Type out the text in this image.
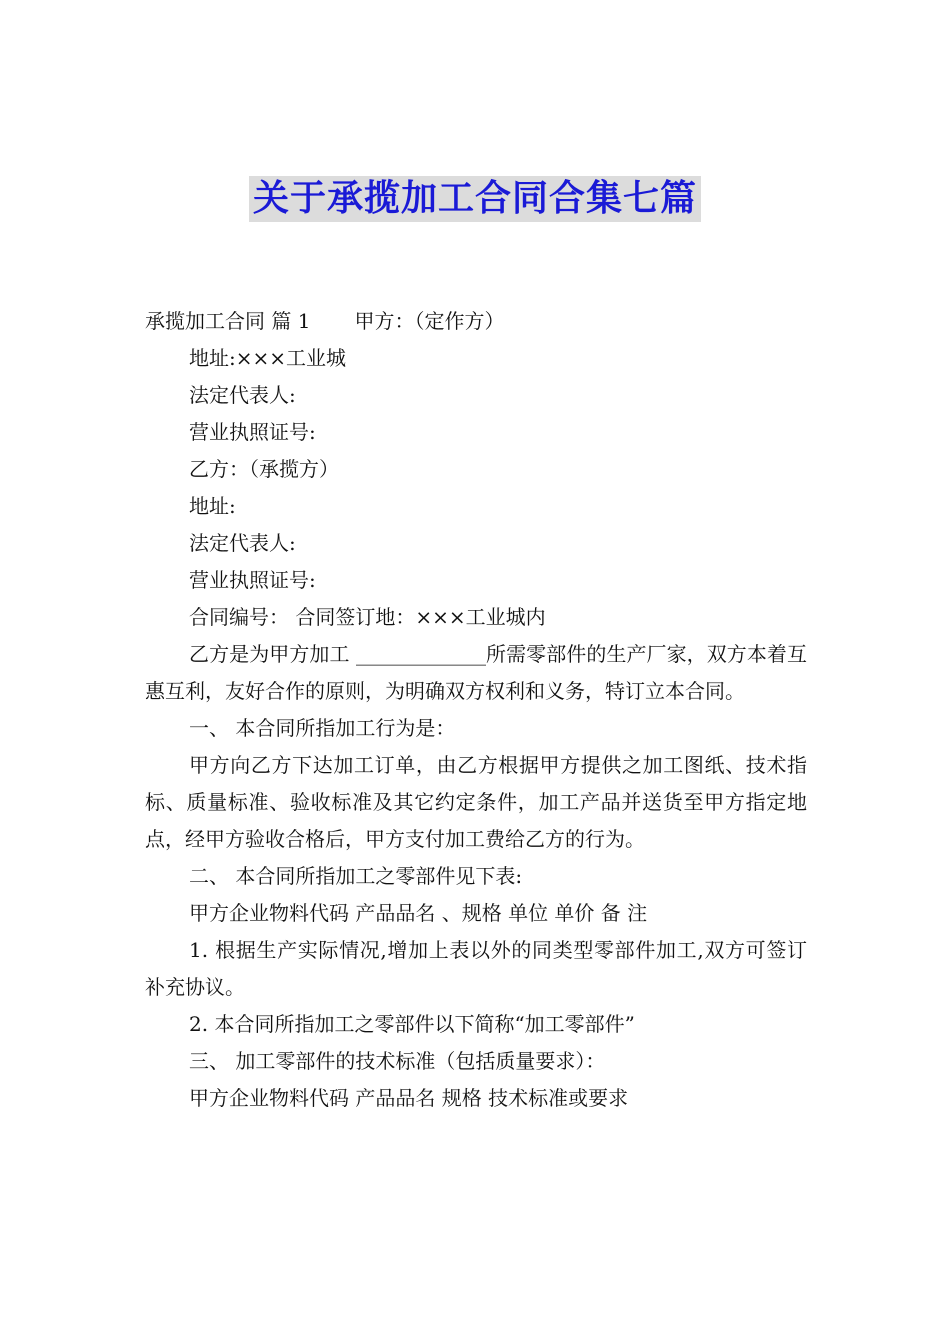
关于承揽加工合同合集七篇

承揽加工合同 篇 1 甲方：（定作方）

地址:×××工业城

法定代表人:

营业执照证号:

乙方：（承揽方）

地址:

法定代表人:

营业执照证号:

合同编号： 合同签订地：×××工业城内

乙方是为甲方加工 _____________所需零部件的生产厂家，双方本着互惠互利，友好合作的原则，为明确双方权利和义务，特订立本合同。

一、 本合同所指加工行为是：

甲方向乙方下达加工订单，由乙方根据甲方提供之加工图纸、技术指标、质量标准、验收标准及其它约定条件，加工产品并送货至甲方指定地点，经甲方验收合格后，甲方支付加工费给乙方的行为。

二、 本合同所指加工之零部件见下表:

甲方企业物料代码 产品品名 、规格 单位 单价 备 注

1. 根据生产实际情况,增加上表以外的同类型零部件加工,双方可签订补充协议。

2. 本合同所指加工之零部件以下简称“加工零部件”

三、 加工零部件的技术标准（包括质量要求）：

甲方企业物料代码 产品品名 规格 技术标准或要求
